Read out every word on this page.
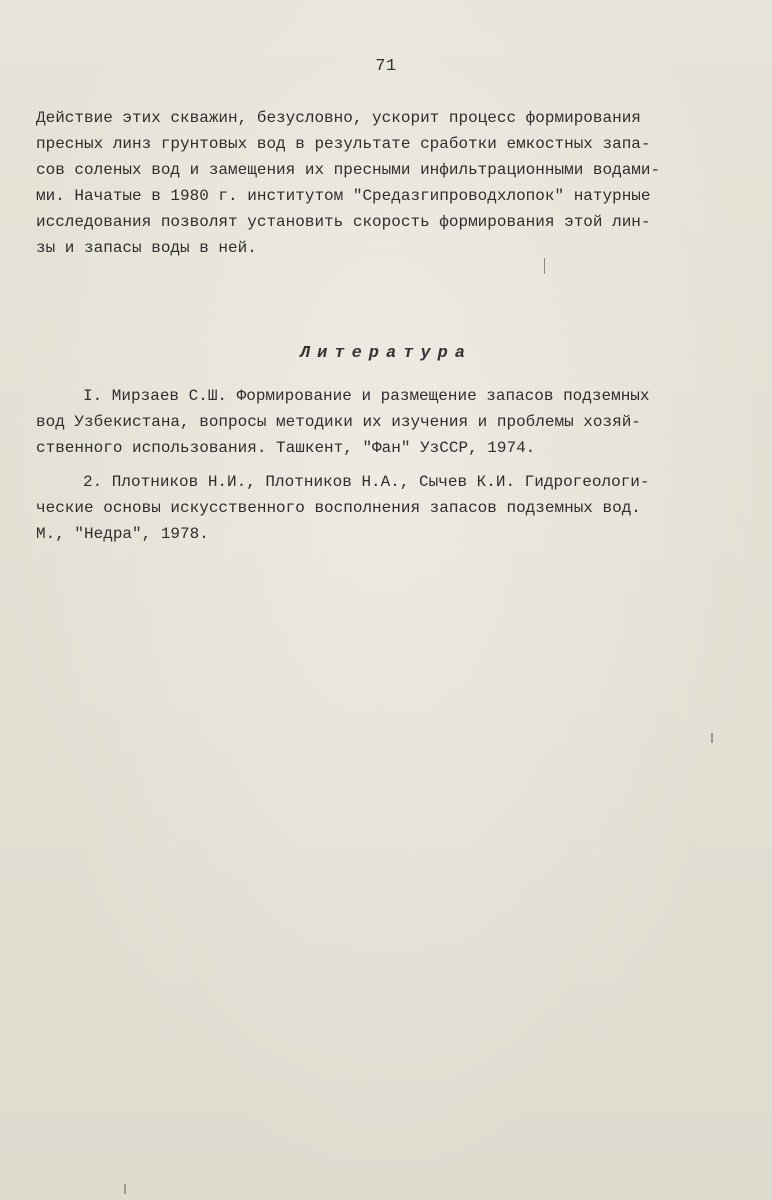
71

Действие этих скважин, безусловно, ускорит процесс формирования

пресных линз грунтовых вод в результате сработки емкостных запа-

сов соленых вод и замещения их пресными инфильтрационными водами-

ми. Начатые в 1980 г. институтом "Средазгипроводхлопок" натурные

исследования позволят установить скорость формирования этой лин-

зы и запасы воды в ней.

Литература

I. Мирзаев С.Ш. Формирование и размещение запасов подземных

вод Узбекистана, вопросы методики их изучения и проблемы хозяй-

ственного использования. Ташкент, "Фан" УзССР, 1974.

2. Плотников Н.И., Плотников Н.А., Сычев К.И. Гидрогеологи-

ческие основы искусственного восполнения запасов подземных вод.

М., "Недра", 1978.
